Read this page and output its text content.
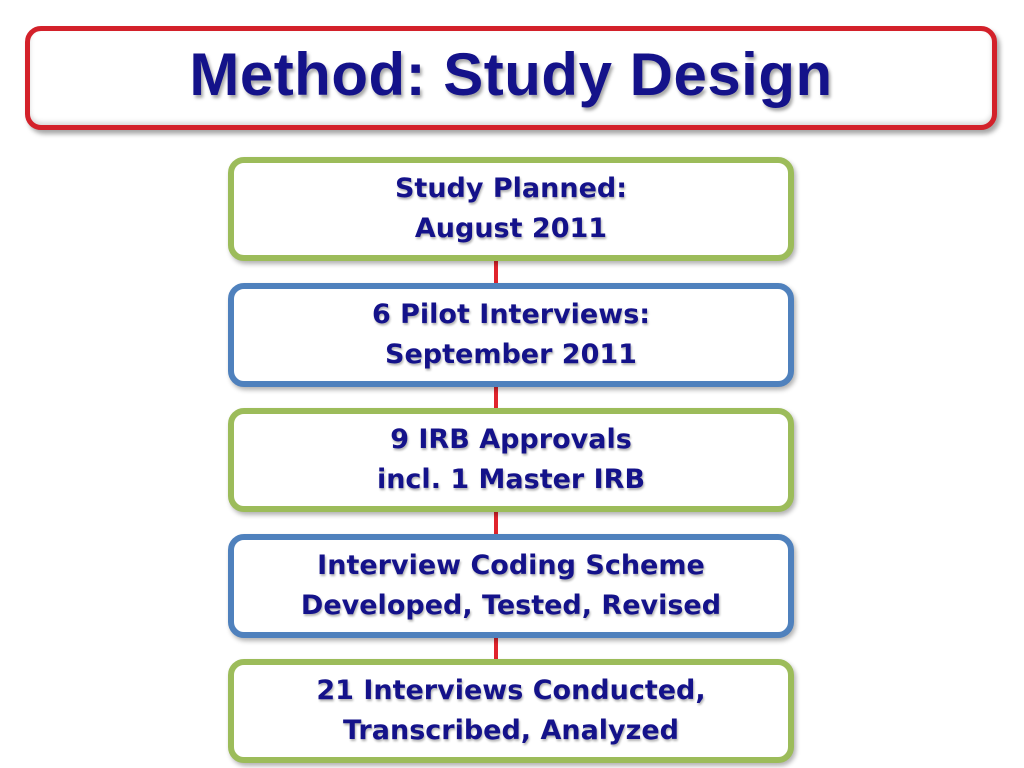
Method: Study Design
Study Planned:
August 2011
6 Pilot Interviews:
September 2011
9 IRB Approvals
incl. 1 Master IRB
Interview Coding Scheme
Developed, Tested, Revised
21 Interviews Conducted,
Transcribed, Analyzed
